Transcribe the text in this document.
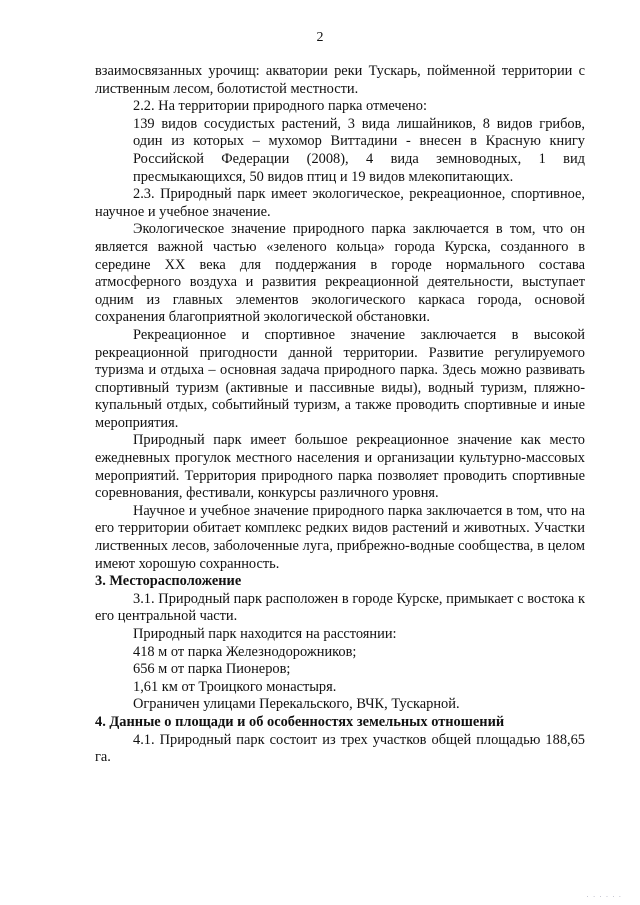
2

взаимосвязанных урочищ: акватории реки Тускарь, пойменной территории с лиственным лесом, болотистой местности.

2.2. На территории природного парка отмечено:

139 видов сосудистых растений, 3 вида лишайников, 8 видов грибов, один из которых – мухомор Виттадини - внесен в Красную книгу Российской Федерации (2008), 4 вида земноводных, 1 вид пресмыкающихся, 50 видов птиц и 19 видов млекопитающих.

2.3. Природный парк имеет экологическое, рекреационное, спортивное, научное и учебное значение.

Экологическое значение природного парка заключается в том, что он является важной частью «зеленого кольца» города Курска, созданного в середине XX века для поддержания в городе нормального состава атмосферного воздуха и развития рекреационной деятельности, выступает одним из главных элементов экологического каркаса города, основой сохранения благоприятной экологической обстановки.

Рекреационное и спортивное значение заключается в высокой рекреационной пригодности данной территории. Развитие регулируемого туризма и отдыха – основная задача природного парка. Здесь можно развивать спортивный туризм (активные и пассивные виды), водный туризм, пляжно-купальный отдых, событийный туризм, а также проводить спортивные и иные мероприятия.

Природный парк имеет большое рекреационное значение как место ежедневных прогулок местного населения и организации культурно-массовых мероприятий. Территория природного парка позволяет проводить спортивные соревнования, фестивали, конкурсы различного уровня.

Научное и учебное значение природного парка заключается в том, что на его территории обитает комплекс редких видов растений и животных. Участки лиственных лесов, заболоченные луга, прибрежно-водные сообщества, в целом имеют хорошую сохранность.

3. Месторасположение

3.1. Природный парк расположен в городе Курске, примыкает с востока к его центральной части.

Природный парк находится на расстоянии:

418 м от парка Железнодорожников;

656 м от парка Пионеров;

1,61 км от Троицкого монастыря.

Ограничен улицами Перекальского, ВЧК, Тускарной.

4. Данные о площади и об особенностях земельных отношений

4.1. Природный парк состоит из трех участков общей площадью 188,65 га.

· · · · · ·
